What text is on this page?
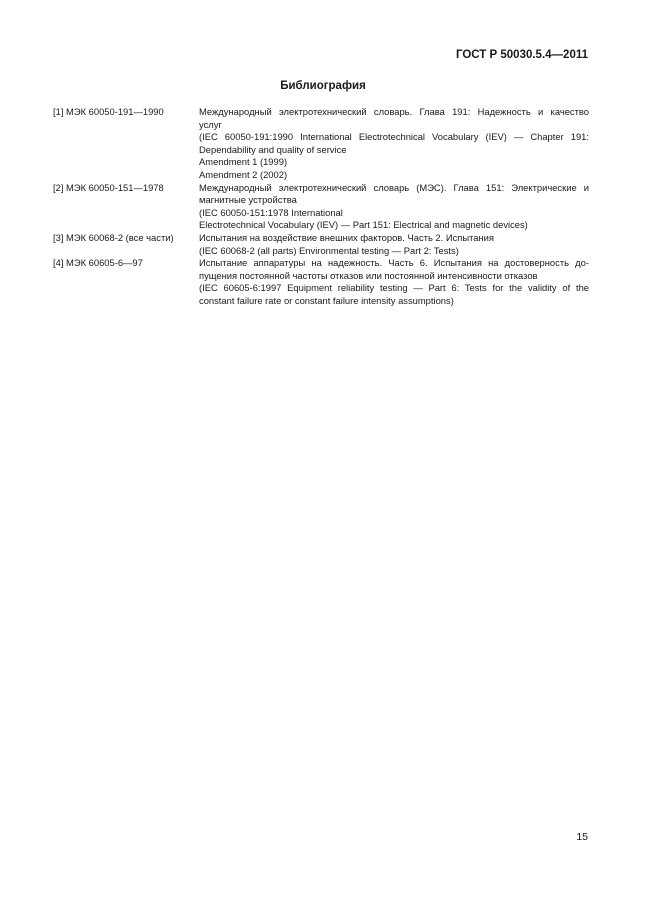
ГОСТ Р 50030.5.4—2011
Библиография
[1] МЭК 60050-191—1990	Международный электротехнический словарь. Глава 191: Надежность и качество
услуг
(IEC 60050-191:1990 International Electrotechnical Vocabulary (IEV) — Chapter 191:
Dependability and quality of service
Amendment 1 (1999)
Amendment 2 (2002)
[2] МЭК 60050-151—1978	Международный электротехнический словарь (МЭС). Глава 151: Электрические и
магнитные устройства
(IEC 60050-151:1978 International
Electrotechnical Vocabulary (IEV) — Part 151: Electrical and magnetic devices)
[3] МЭК 60068-2 (все части)	Испытания на воздействие внешних факторов. Часть 2. Испытания
(IEC 60068-2 (all parts) Environmental testing — Part 2: Tests)
[4] МЭК 60605-6—97	Испытание аппаратуры на надежность. Часть 6. Испытания на достоверность до-
пущения постоянной частоты отказов или постоянной интенсивности отказов
(IEC 60605-6:1997 Equipment reliability testing — Part 6: Tests for the validity of the
constant failure rate or constant failure intensity assumptions)
15
